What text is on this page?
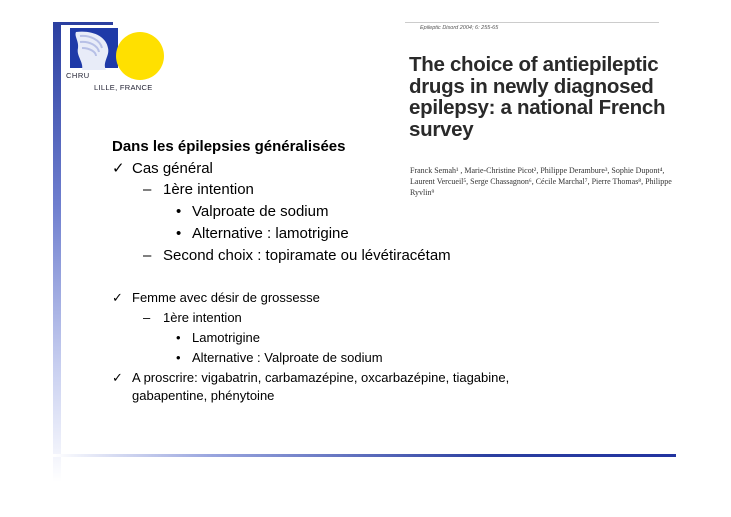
CHRU
LILLE, FRANCE
Epileptic Disord 2004; 6: 255-65
The choice of antiepileptic drugs in newly diagnosed epilepsy: a national French survey
Franck Semah¹ , Marie-Christine Picot², Philippe Derambure³, Sophie Dupont⁴, Laurent Vercueil⁵, Serge Chassagnon⁶, Cécile Marchal⁷, Pierre Thomas⁸, Philippe Ryvlin⁹
Dans les épilepsies généralisées
✓ Cas général
– 1ère intention
• Valproate de sodium
• Alternative : lamotrigine
– Second choix : topiramate ou lévétiracétam
✓ Femme avec désir de grossesse
– 1ère intention
• Lamotrigine
• Alternative : Valproate de sodium
✓ A proscrire: vigabatrin, carbamazépine, oxcarbazépine, tiagabine,
gabapentine, phénytoine
